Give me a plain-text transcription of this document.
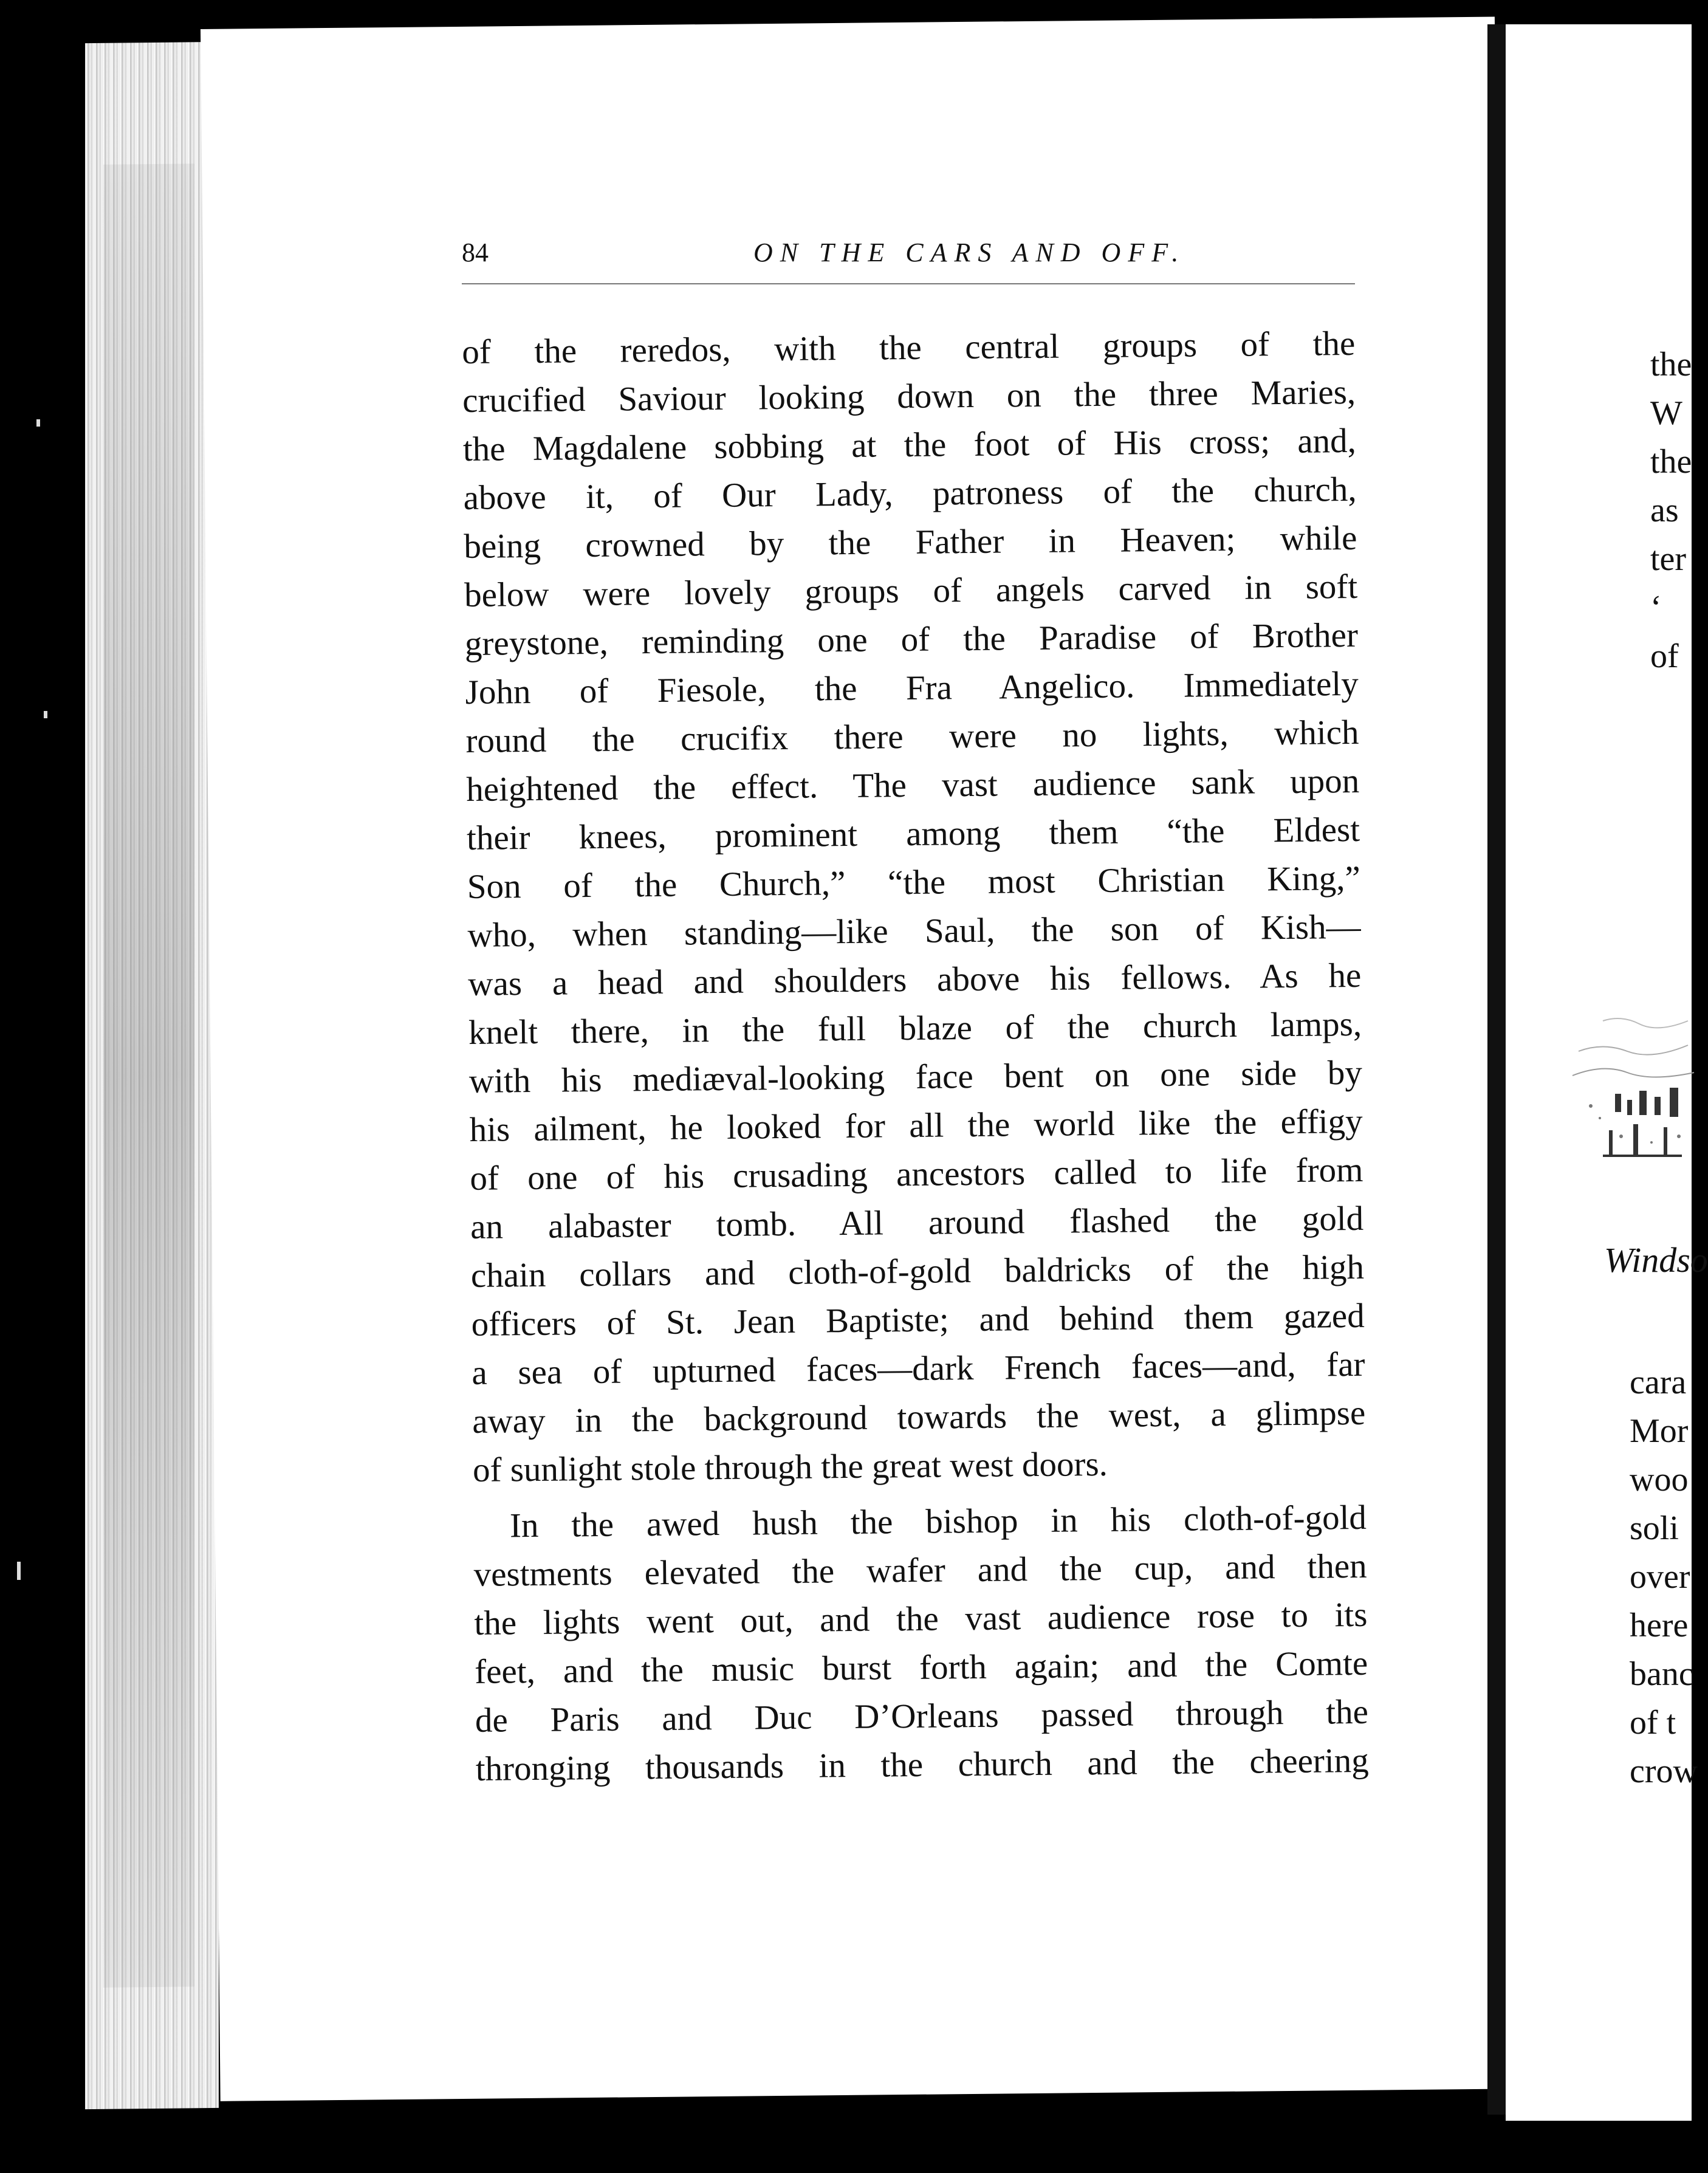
84	ON THE CARS AND OFF.
of the reredos, with the central groups of the
crucified Saviour looking down on the three Maries,
the Magdalene sobbing at the foot of His cross; and,
above it, of Our Lady, patroness of the church,
being crowned by the Father in Heaven; while
below were lovely groups of angels carved in soft
greystone, reminding one of the Paradise of Brother
John of Fiesole, the Fra Angelico. Immediately
round the crucifix there were no lights, which
heightened the effect. The vast audience sank upon
their knees, prominent among them “the Eldest
Son of the Church,” “the most Christian King,”
who, when standing—like Saul, the son of Kish—
was a head and shoulders above his fellows. As he
knelt there, in the full blaze of the church lamps,
with his mediæval-looking face bent on one side by
his ailment, he looked for all the world like the effigy
of one of his crusading ancestors called to life from
an alabaster tomb. All around flashed the gold
chain collars and cloth-of-gold baldricks of the high
officers of St. Jean Baptiste; and behind them gazed
a sea of upturned faces—dark French faces—and, far
away in the background towards the west, a glimpse
of sunlight stole through the great west doors.
In the awed hush the bishop in his cloth-of-gold
vestments elevated the wafer and the cup, and then
the lights went out, and the vast audience rose to its
feet, and the music burst forth again; and the Comte
de Paris and Duc D’Orleans passed through the
thronging thousands in the church and the cheering
the
W
the
as
ter
‘
of
Windso
cara
Mor
woo
soli
over
here
banc
of t
crow
